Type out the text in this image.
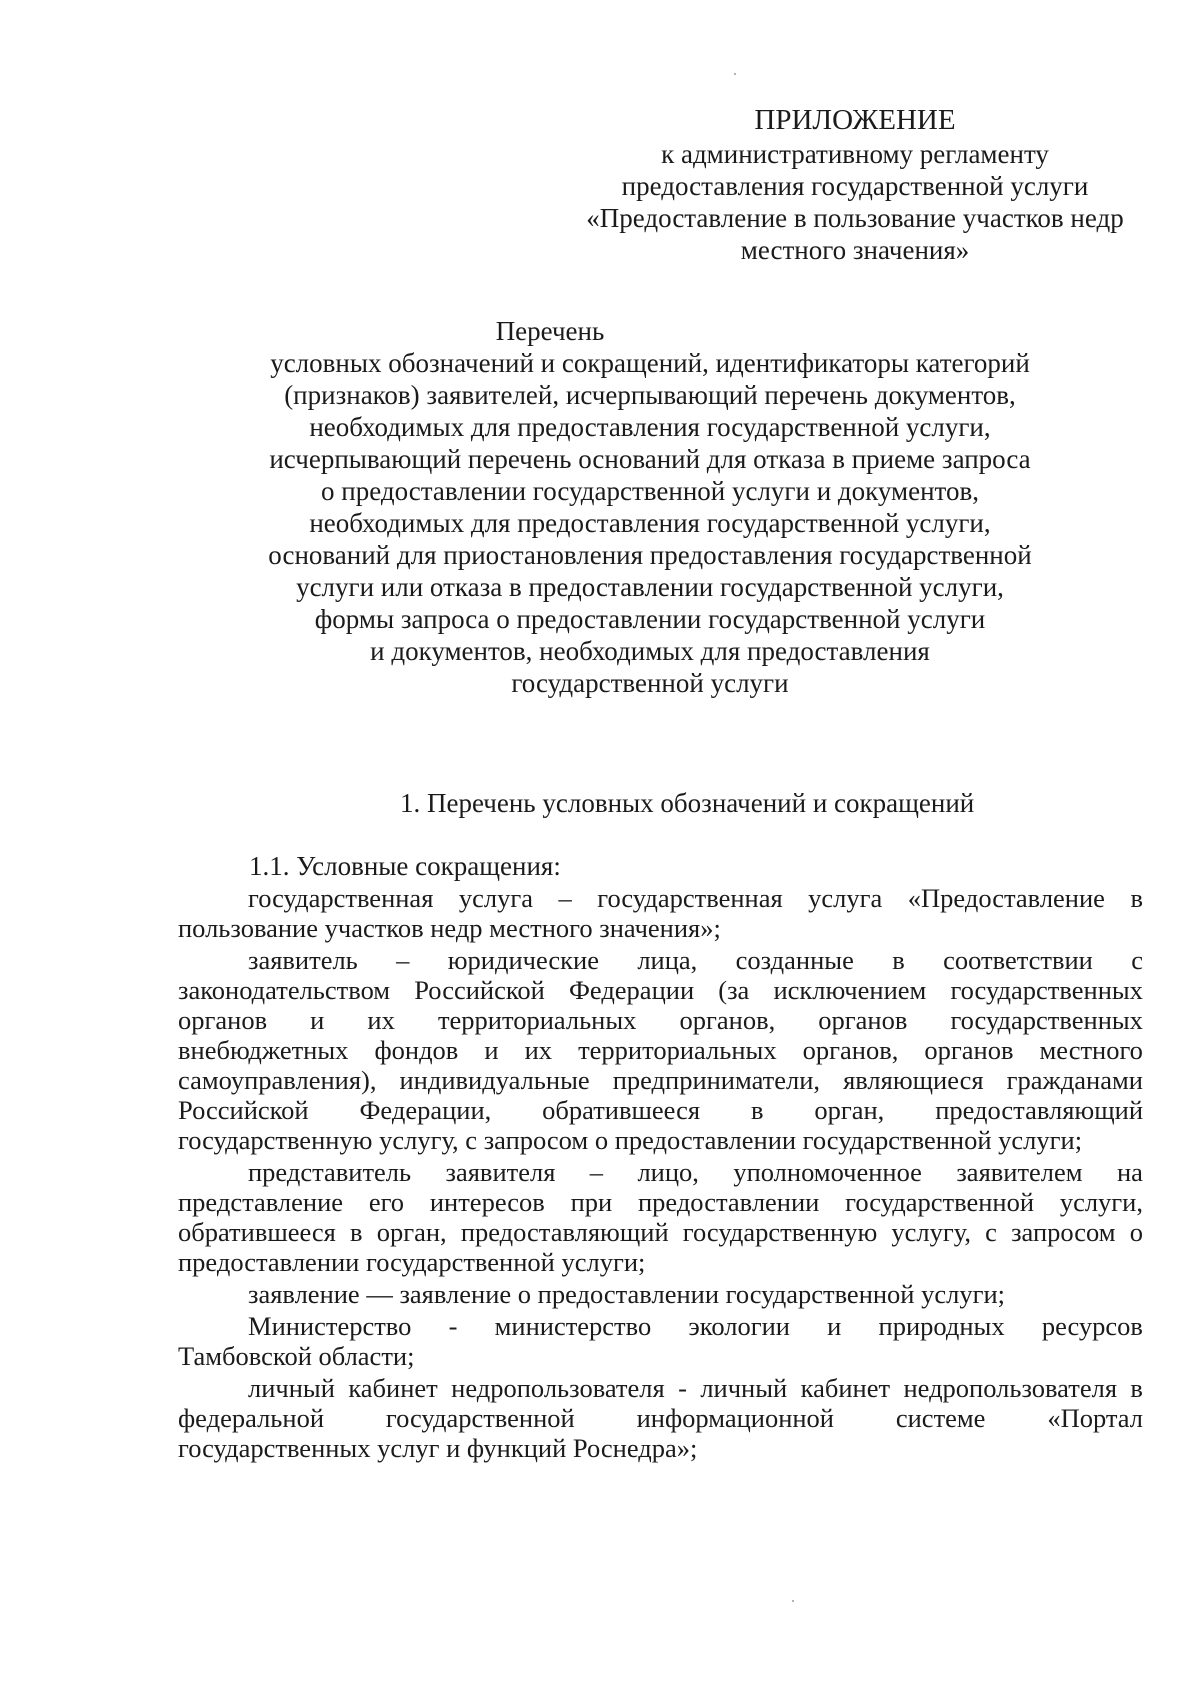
ПРИЛОЖЕНИЕ
к административному регламенту
предоставления государственной услуги
«Предоставление в пользование участков недр
местного значения»
Перечень
условных обозначений и сокращений, идентификаторы категорий
(признаков) заявителей, исчерпывающий перечень документов,
необходимых для предоставления государственной услуги,
исчерпывающий перечень оснований для отказа в приеме запроса
о предоставлении государственной услуги и документов,
необходимых для предоставления государственной услуги,
оснований для приостановления предоставления государственной
услуги или отказа в предоставлении государственной услуги,
формы запроса о предоставлении государственной услуги
и документов, необходимых для предоставления
государственной услуги
1. Перечень условных обозначений и сокращений
1.1. Условные сокращения:
государственная услуга – государственная услуга «Предоставление в
пользование участков недр местного значения»;
заявитель – юридические лица, созданные в соответствии с
законодательством Российской Федерации (за исключением государственных
органов и их территориальных органов, органов государственных
внебюджетных фондов и их территориальных органов, органов местного
самоуправления), индивидуальные предприниматели, являющиеся гражданами
Российской Федерации, обратившееся в орган, предоставляющий
государственную услугу, с запросом о предоставлении государственной услуги;
представитель заявителя – лицо, уполномоченное заявителем на
представление его интересов при предоставлении государственной услуги,
обратившееся в орган, предоставляющий государственную услугу, с запросом о
предоставлении государственной услуги;
заявление — заявление о предоставлении государственной услуги;
Министерство - министерство экологии и природных ресурсов
Тамбовской области;
личный кабинет недропользователя - личный кабинет недропользователя в
федеральной государственной информационной системе «Портал
государственных услуг и функций Роснедра»;
